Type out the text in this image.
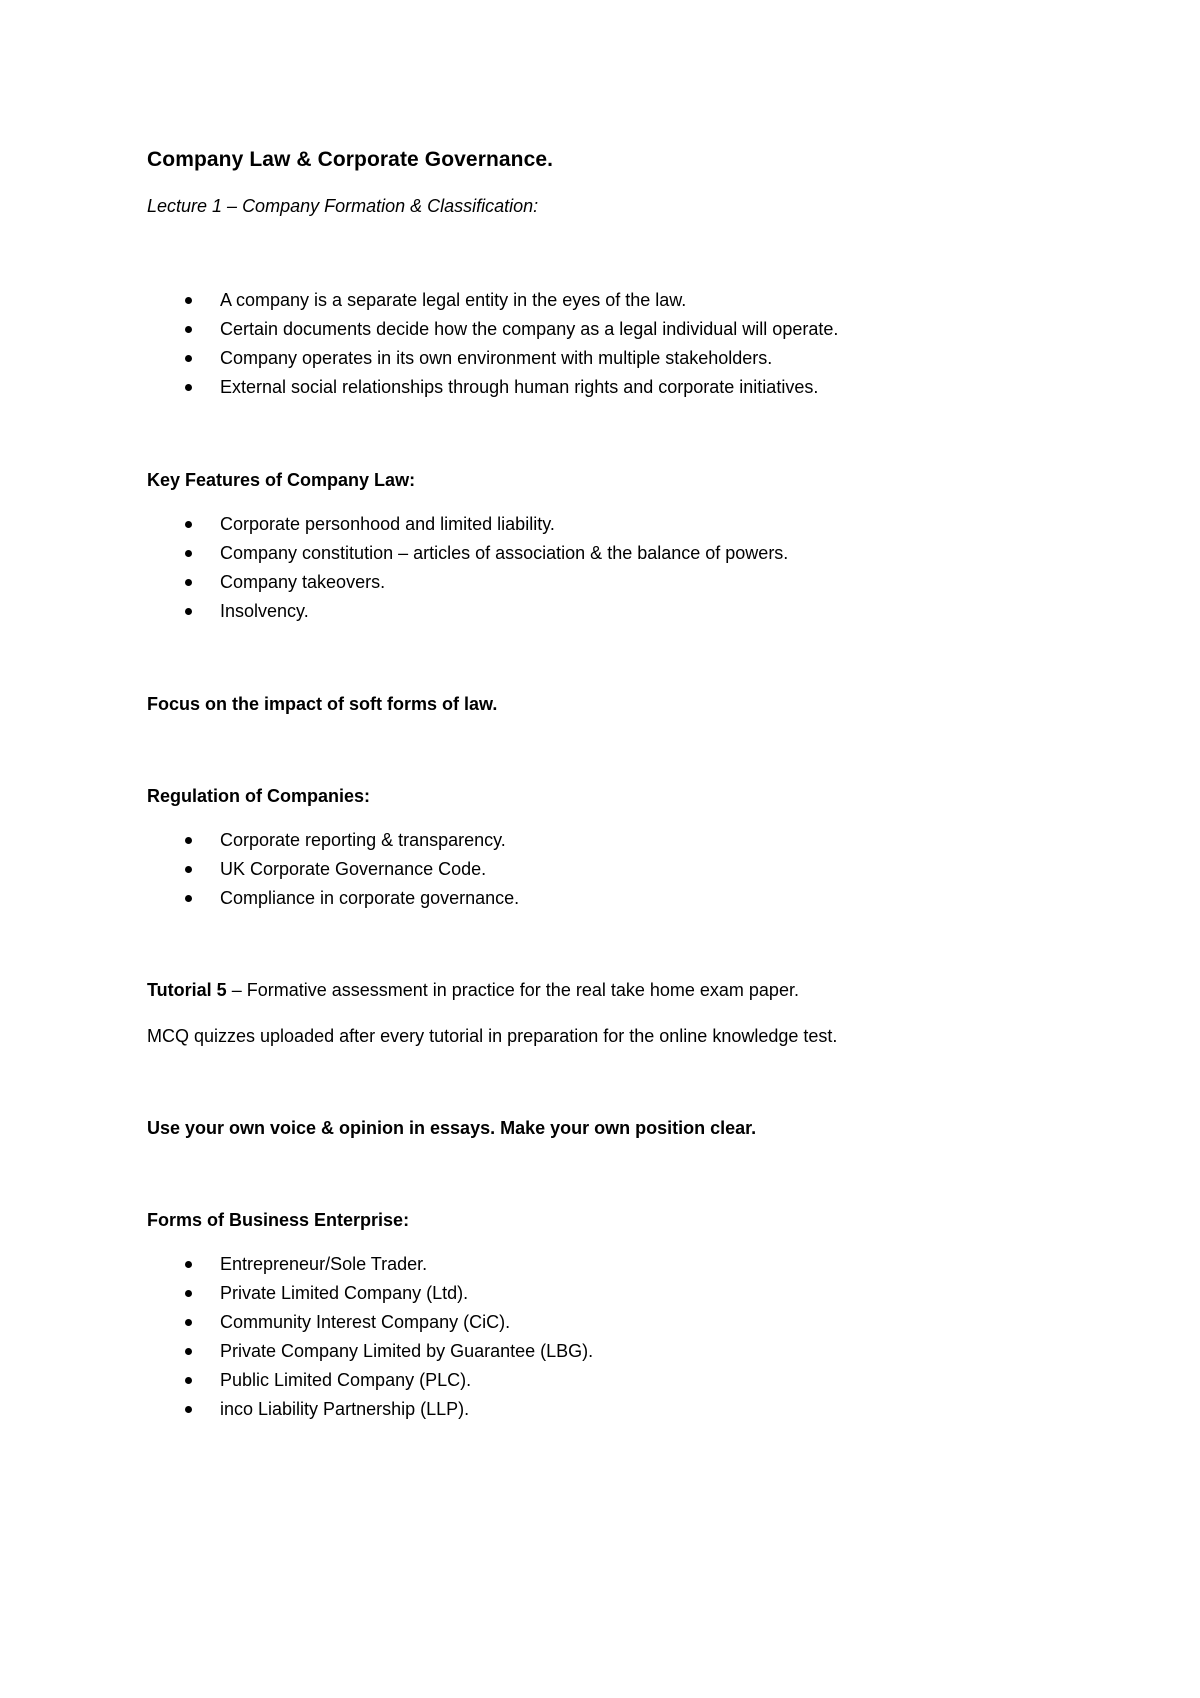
Company Law & Corporate Governance.

Lecture 1 – Company Formation & Classification:

A company is a separate legal entity in the eyes of the law.
Certain documents decide how the company as a legal individual will operate.
Company operates in its own environment with multiple stakeholders.
External social relationships through human rights and corporate initiatives.

Key Features of Company Law:

Corporate personhood and limited liability.
Company constitution – articles of association & the balance of powers.
Company takeovers.
Insolvency.

Focus on the impact of soft forms of law.

Regulation of Companies:

Corporate reporting & transparency.
UK Corporate Governance Code.
Compliance in corporate governance.

Tutorial 5 – Formative assessment in practice for the real take home exam paper.

MCQ quizzes uploaded after every tutorial in preparation for the online knowledge test.

Use your own voice & opinion in essays. Make your own position clear.

Forms of Business Enterprise:

Entrepreneur/Sole Trader.
Private Limited Company (Ltd).
Community Interest Company (CiC).
Private Company Limited by Guarantee (LBG).
Public Limited Company (PLC).
inco Liability Partnership (LLP).
